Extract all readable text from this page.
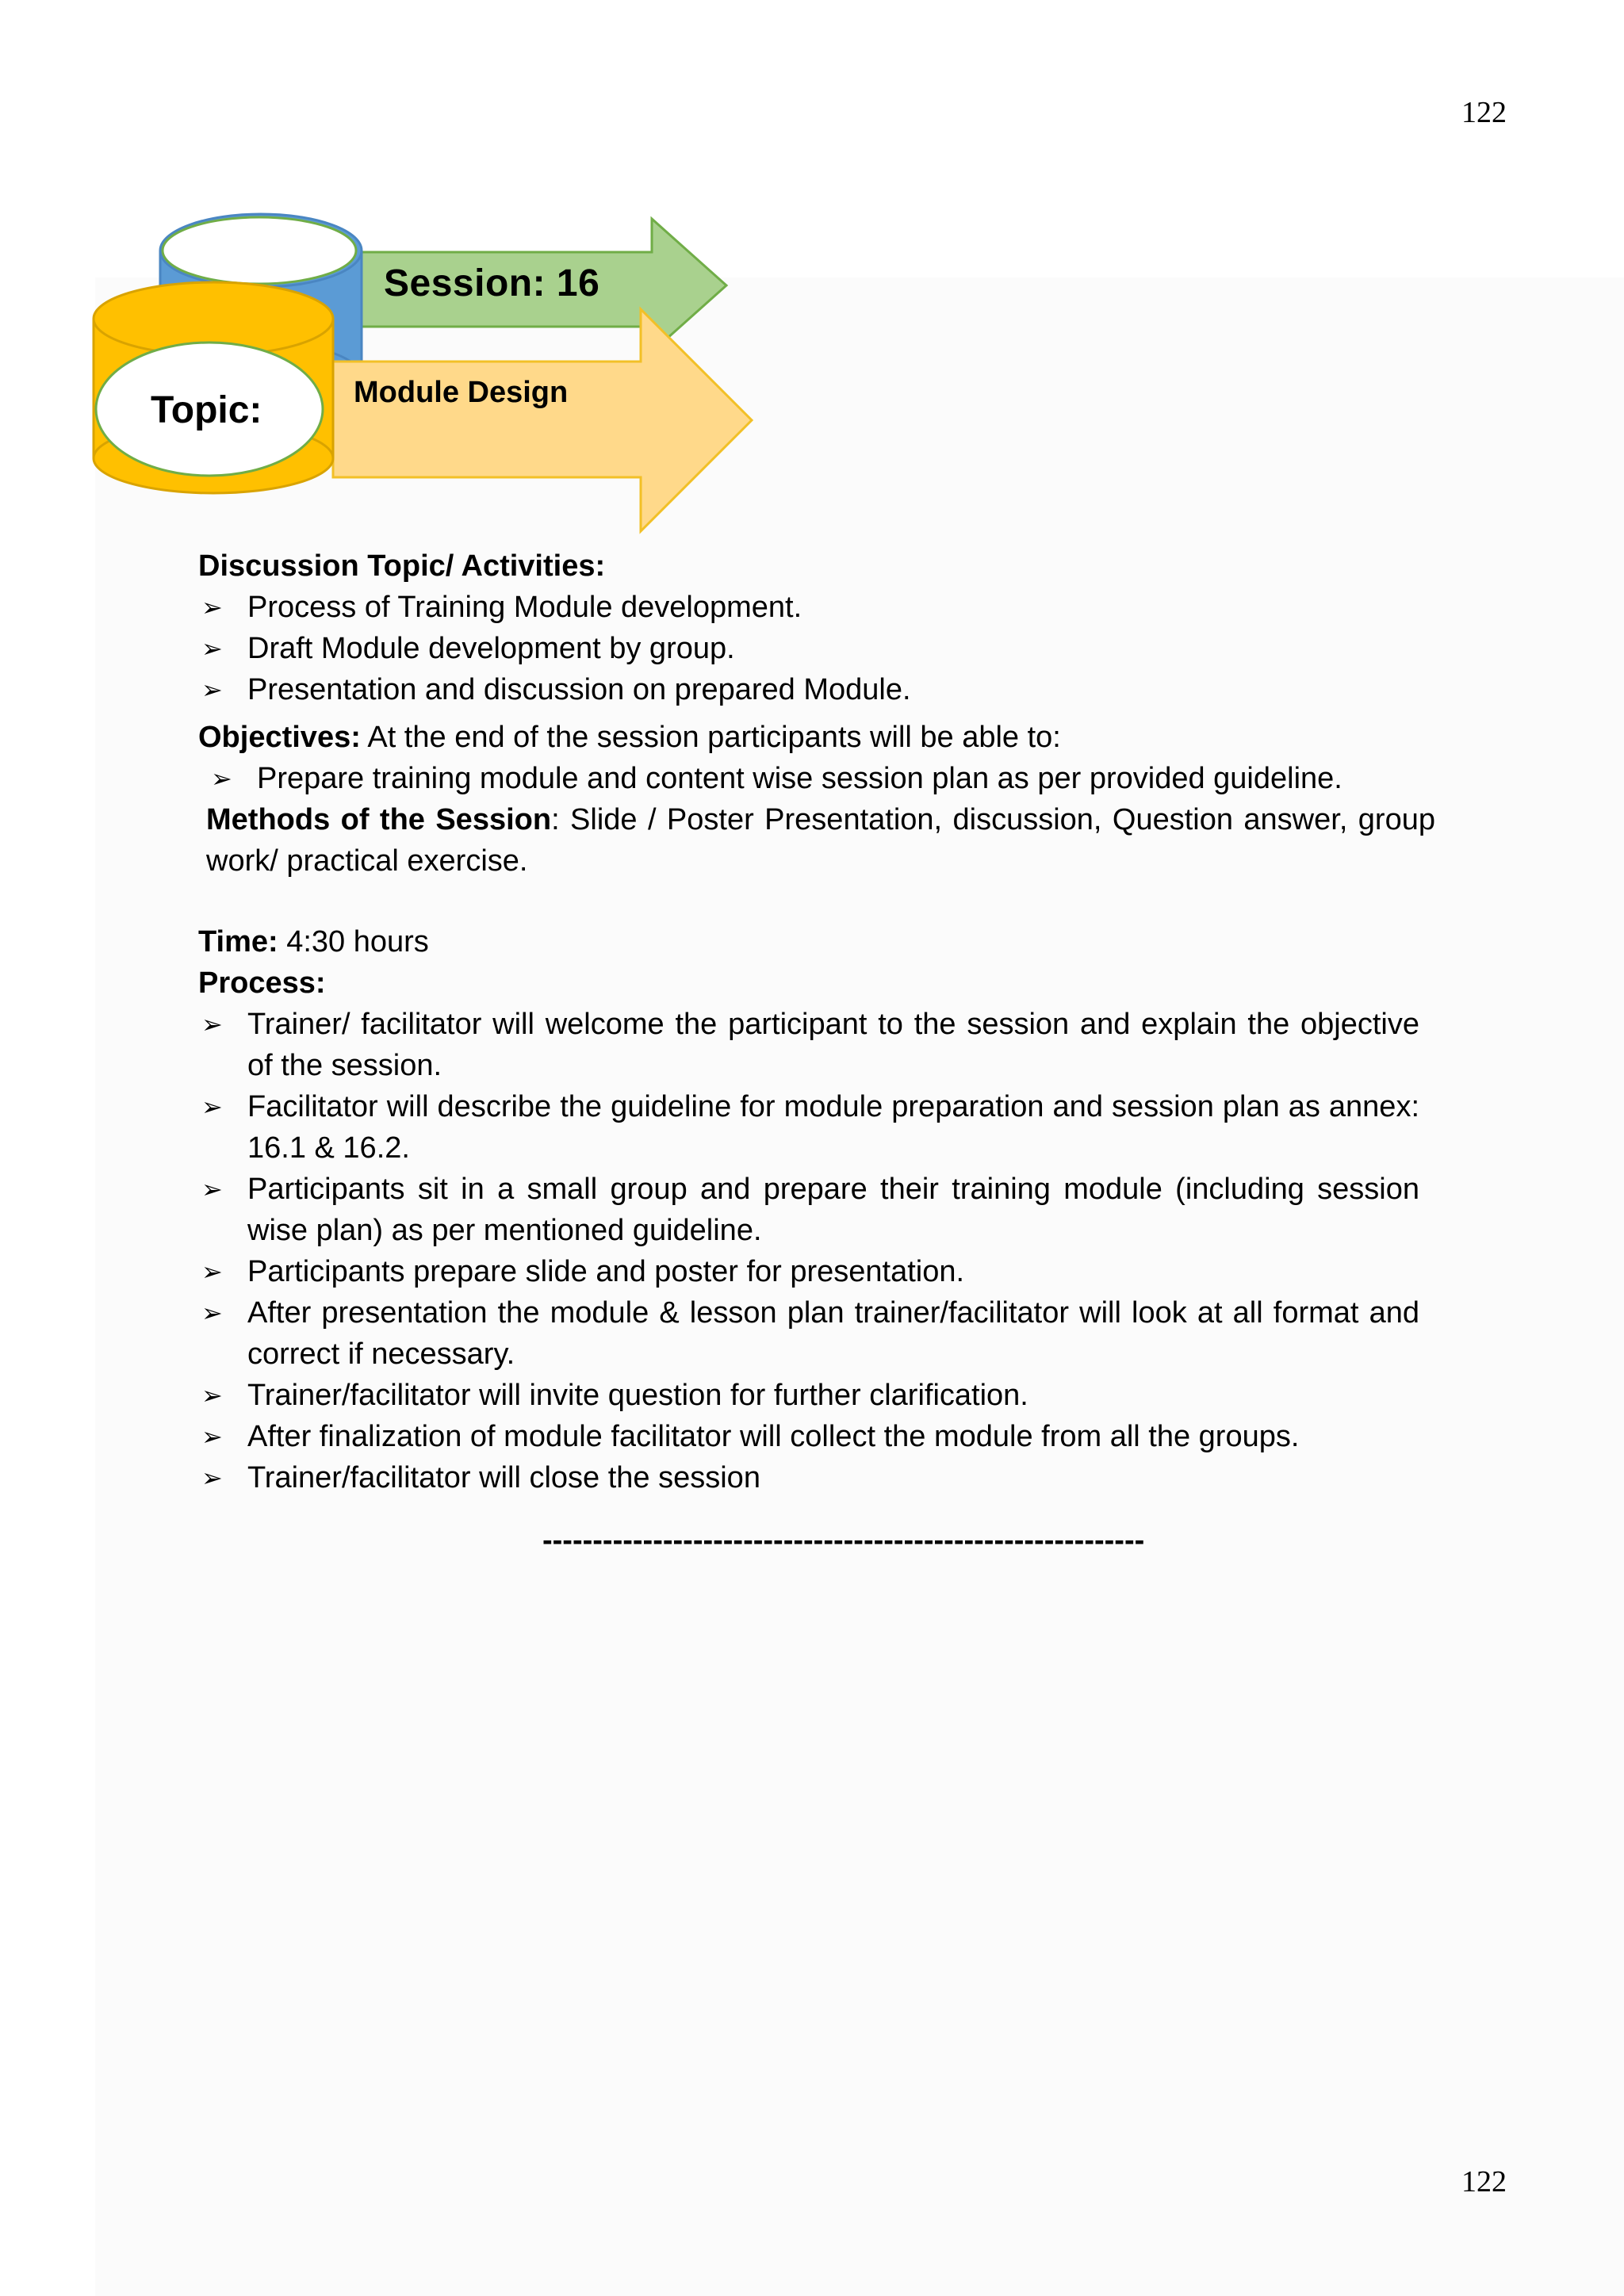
122
Session: 16
Topic:	Module Design
Discussion Topic/ Activities:
➢ Process of Training Module development.
➢ Draft Module development by group.
➢ Presentation and discussion on prepared Module.
Objectives: At the end of the session participants will be able to:
➢ Prepare training module and content wise session plan as per provided guideline.
Methods of the Session: Slide / Poster Presentation, discussion, Question answer, group work/ practical exercise.
Time: 4:30 hours
Process:
➢ Trainer/ facilitator will welcome the participant to the session and explain the objective of the session.
➢ Facilitator will describe the guideline for module preparation and session plan as annex: 16.1 & 16.2.
➢ Participants sit in a small group and prepare their training module (including session wise plan) as per mentioned guideline.
➢ Participants prepare slide and poster for presentation.
➢ After presentation the module & lesson plan trainer/facilitator will look at all format and correct if necessary.
➢ Trainer/facilitator will invite question for further clarification.
➢ After finalization of module facilitator will collect the module from all the groups.
➢ Trainer/facilitator will close the session
------------------------------------------------------------
122
